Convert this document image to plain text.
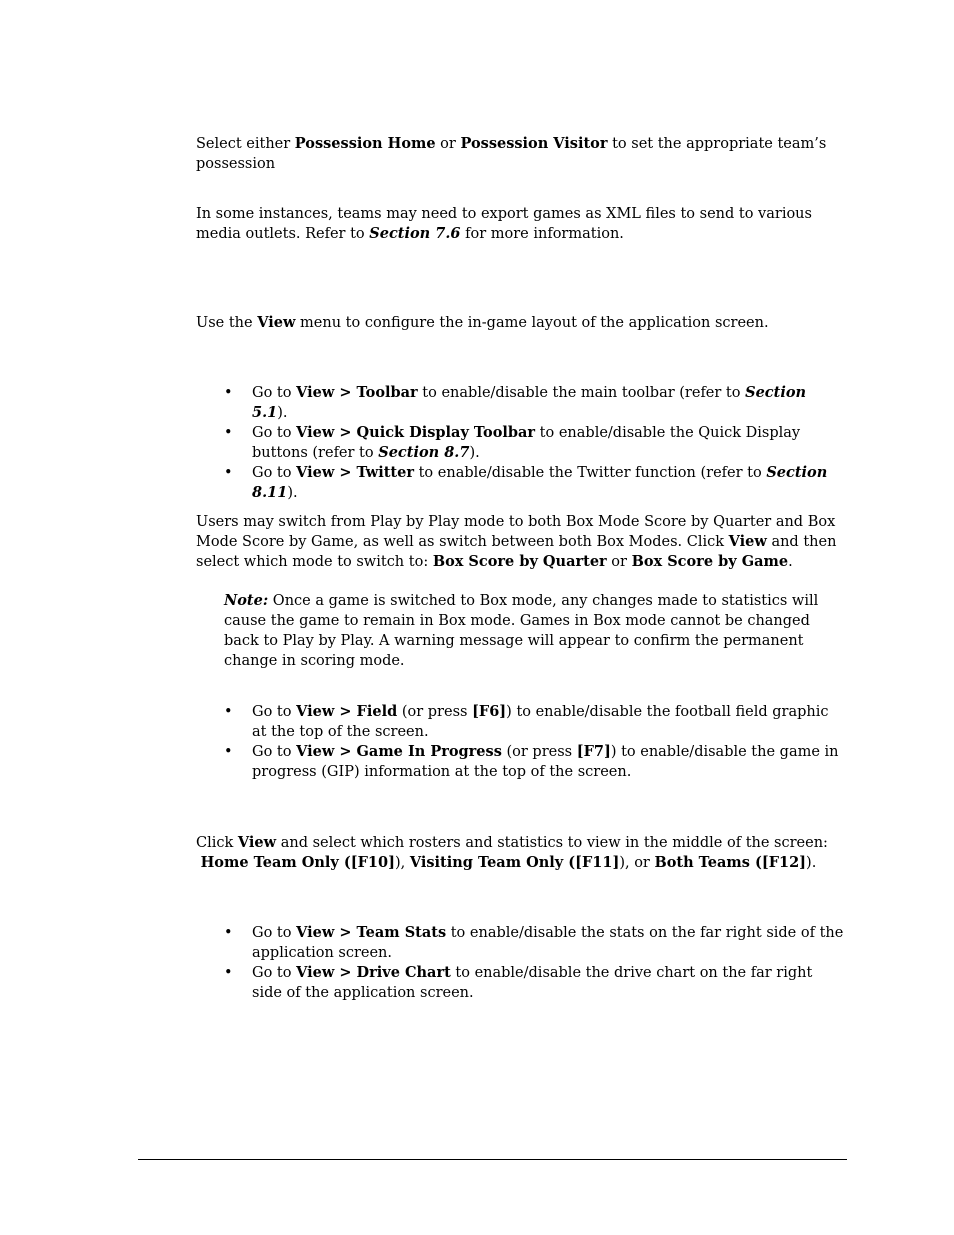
Select either Possession Home or Possession Visitor to set the appropriate team’s possession
In some instances, teams may need to export games as XML files to send to various media outlets. Refer to Section 7.6 for more information.
Use the View menu to configure the in-game layout of the application screen.
• Go to View > Toolbar to enable/disable the main toolbar (refer to Section 5.1).
• Go to View > Quick Display Toolbar to enable/disable the Quick Display buttons (refer to Section 8.7).
• Go to View > Twitter to enable/disable the Twitter function (refer to Section 8.11).
Users may switch from Play by Play mode to both Box Mode Score by Quarter and Box Mode Score by Game, as well as switch between both Box Modes. Click View and then select which mode to switch to: Box Score by Quarter or Box Score by Game.
Note: Once a game is switched to Box mode, any changes made to statistics will cause the game to remain in Box mode. Games in Box mode cannot be changed back to Play by Play. A warning message will appear to confirm the permanent change in scoring mode.
• Go to View > Field (or press [F6]) to enable/disable the football field graphic at the top of the screen.
• Go to View > Game In Progress (or press [F7]) to enable/disable the game in progress (GIP) information at the top of the screen.
Click View and select which rosters and statistics to view in the middle of the screen:
Home Team Only ([F10]), Visiting Team Only ([F11]), or Both Teams ([F12]).
• Go to View > Team Stats to enable/disable the stats on the far right side of the application screen.
• Go to View > Drive Chart to enable/disable the drive chart on the far right side of the application screen.
